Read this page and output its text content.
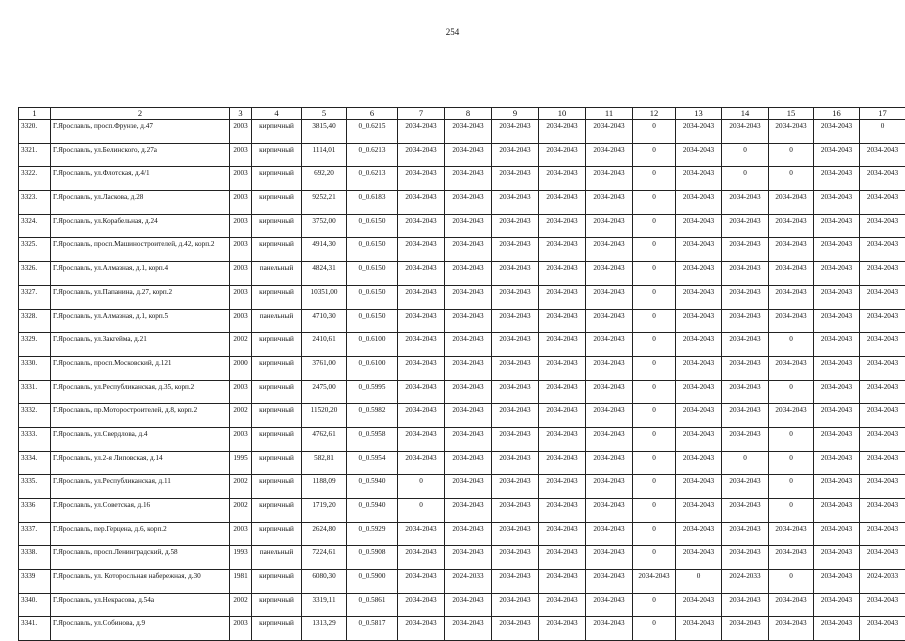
254
1	2	3	4	5	6	7	8	9	10	11	12	13	14	15	16	17
3320.	Г.Ярославль, просп.Фрунзе, д.47	2003	кирпичный	3815,40	0_0.6215	2034-2043	2034-2043	2034-2043	2034-2043	2034-2043	0	2034-2043	2034-2043	2034-2043	2034-2043	0
3321.	Г.Ярославль, ул.Белинского, д.27а	2003	кирпичный	1114,01	0_0.6213	2034-2043	2034-2043	2034-2043	2034-2043	2034-2043	0	2034-2043	0	0	2034-2043	2034-2043
3322.	Г.Ярославль, ул.Флотская, д.4/1	2003	кирпичный	692,20	0_0.6213	2034-2043	2034-2043	2034-2043	2034-2043	2034-2043	0	2034-2043	0	0	2034-2043	2034-2043
3323.	Г.Ярославль, ул.Ласкова, д.28	2003	кирпичный	9252,21	0_0.6183	2034-2043	2034-2043	2034-2043	2034-2043	2034-2043	0	2034-2043	2034-2043	2034-2043	2034-2043	2034-2043
3324.	Г.Ярославль, ул.Корабельная, д.24	2003	кирпичный	3752,00	0_0.6150	2034-2043	2034-2043	2034-2043	2034-2043	2034-2043	0	2034-2043	2034-2043	2034-2043	2034-2043	2034-2043
3325.	Г.Ярославль, просп.Машиностроителей, д.42, корп.2	2003	кирпичный	4914,30	0_0.6150	2034-2043	2034-2043	2034-2043	2034-2043	2034-2043	0	2034-2043	2034-2043	2034-2043	2034-2043	2034-2043
3326.	Г.Ярославль, ул.Алмазная, д.1, корп.4	2003	панельный	4824,31	0_0.6150	2034-2043	2034-2043	2034-2043	2034-2043	2034-2043	0	2034-2043	2034-2043	2034-2043	2034-2043	2034-2043
3327.	Г.Ярославль, ул.Папанина, д.27, корп.2	2003	кирпичный	10351,00	0_0.6150	2034-2043	2034-2043	2034-2043	2034-2043	2034-2043	0	2034-2043	2034-2043	2034-2043	2034-2043	2034-2043
3328.	Г.Ярославль, ул.Алмазная, д.1, корп.5	2003	панельный	4710,30	0_0.6150	2034-2043	2034-2043	2034-2043	2034-2043	2034-2043	0	2034-2043	2034-2043	2034-2043	2034-2043	2034-2043
3329.	Г.Ярославль, ул.Закгейма, д.21	2002	кирпичный	2410,61	0_0.6100	2034-2043	2034-2043	2034-2043	2034-2043	2034-2043	0	2034-2043	2034-2043	0	2034-2043	2034-2043
3330.	Г.Ярославль, просп.Московский, д.121	2000	кирпичный	3761,00	0_0.6100	2034-2043	2034-2043	2034-2043	2034-2043	2034-2043	0	2034-2043	2034-2043	2034-2043	2034-2043	2034-2043
3331.	Г.Ярославль, ул.Республиканская, д.35, корп.2	2003	кирпичный	2475,00	0_0.5995	2034-2043	2034-2043	2034-2043	2034-2043	2034-2043	0	2034-2043	2034-2043	0	2034-2043	2034-2043
3332.	Г.Ярославль, пр.Моторостроителей, д.8, корп.2	2002	кирпичный	11520,20	0_0.5982	2034-2043	2034-2043	2034-2043	2034-2043	2034-2043	0	2034-2043	2034-2043	2034-2043	2034-2043	2034-2043
3333.	Г.Ярославль, ул.Свердлова, д.4	2003	кирпичный	4762,61	0_0.5958	2034-2043	2034-2043	2034-2043	2034-2043	2034-2043	0	2034-2043	2034-2043	0	2034-2043	2034-2043
3334.	Г.Ярославль, ул.2-я Липовская, д.14	1995	кирпичный	582,81	0_0.5954	2034-2043	2034-2043	2034-2043	2034-2043	2034-2043	0	2034-2043	0	0	2034-2043	2034-2043
3335.	Г.Ярославль, ул.Республиканская, д.11	2002	кирпичный	1188,09	0_0.5940	0	2034-2043	2034-2043	2034-2043	2034-2043	0	2034-2043	2034-2043	0	2034-2043	2034-2043
3336	Г.Ярославль, ул.Советская, д.16	2002	кирпичный	1719,20	0_0.5940	0	2034-2043	2034-2043	2034-2043	2034-2043	0	2034-2043	2034-2043	0	2034-2043	2034-2043
3337.	Г.Ярославль, пер.Герцена, д.6, корп.2	2003	кирпичный	2624,80	0_0.5929	2034-2043	2034-2043	2034-2043	2034-2043	2034-2043	0	2034-2043	2034-2043	2034-2043	2034-2043	2034-2043
3338.	Г.Ярославль, просп.Ленинградский, д.58	1993	панельный	7224,61	0_0.5908	2034-2043	2034-2043	2034-2043	2034-2043	2034-2043	0	2034-2043	2034-2043	2034-2043	2034-2043	2034-2043
3339	Г.Ярославль, ул. Которосльная набережная, д.30	1981	кирпичный	6080,30	0_0.5900	2034-2043	2024-2033	2034-2043	2034-2043	2034-2043	2034-2043	0	2024-2033	0	2034-2043	2024-2033
3340.	Г.Ярославль, ул.Некрасова, д.54а	2002	кирпичный	3319,11	0_0.5861	2034-2043	2034-2043	2034-2043	2034-2043	2034-2043	0	2034-2043	2034-2043	2034-2043	2034-2043	2034-2043
3341.	Г.Ярославль, ул.Собинова, д.9	2003	кирпичный	1313,29	0_0.5817	2034-2043	2034-2043	2034-2043	2034-2043	2034-2043	0	2034-2043	2034-2043	2034-2043	2034-2043	2034-2043
